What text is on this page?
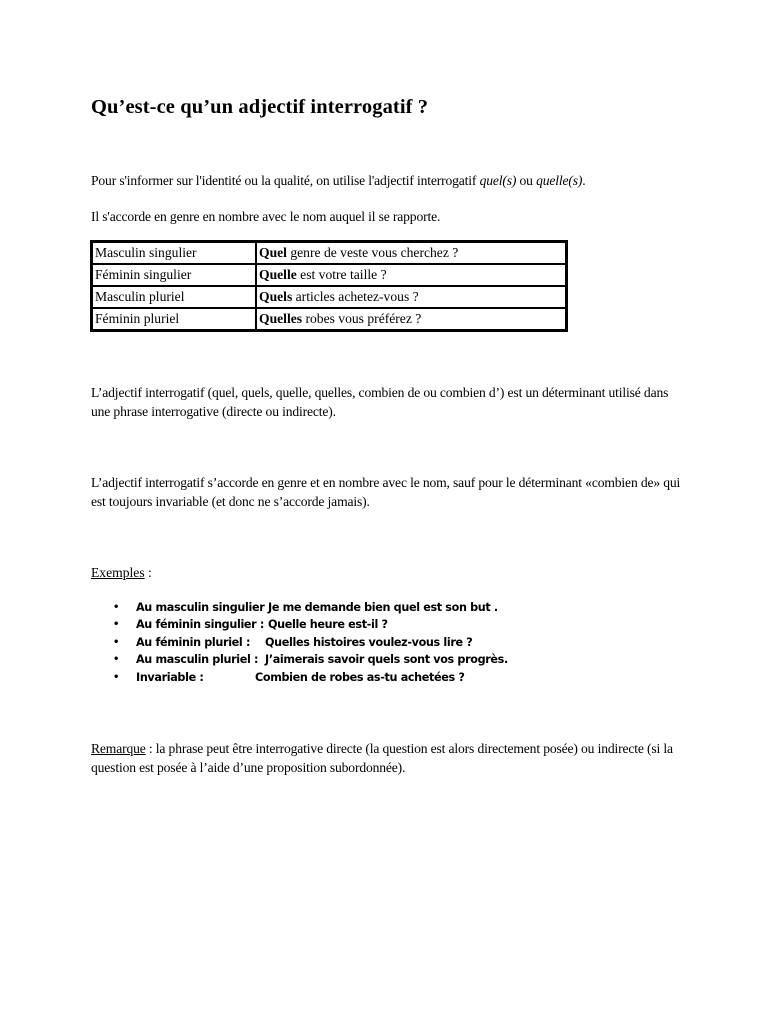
Qu’est-ce qu’un adjectif interrogatif ?

Pour s'informer sur l'identité ou la qualité, on utilise l'adjectif interrogatif quel(s) ou quelle(s).

Il s'accorde en genre en nombre avec le nom auquel il se rapporte.

Masculin singulier	Quel genre de veste vous cherchez ?
Féminin singulier	Quelle est votre taille ?
Masculin pluriel	Quels articles achetez-vous ?
Féminin pluriel	Quelles robes vous préférez ?

L’adjectif interrogatif (quel, quels, quelle, quelles, combien de ou combien d’) est un déterminant utilisé dans une phrase interrogative (directe ou indirecte).

L’adjectif interrogatif s’accorde en genre et en nombre avec le nom, sauf pour le déterminant «combien de» qui est toujours invariable (et donc ne s’accorde jamais).

Exemples :

• Au masculin singulier :
Je me demande bien quel est son but .
• Au féminin singulier : Quelle heure est-il ?
• Au féminin pluriel : Quelles histoires voulez-vous lire ?
• Au masculin pluriel : J’aimerais savoir quels sont vos progrès.
• Invariable :	Combien de robes as-tu achetées ?

Remarque : la phrase peut être interrogative directe (la question est alors directement posée) ou indirecte (si la question est posée à l’aide d’une proposition subordonnée).
